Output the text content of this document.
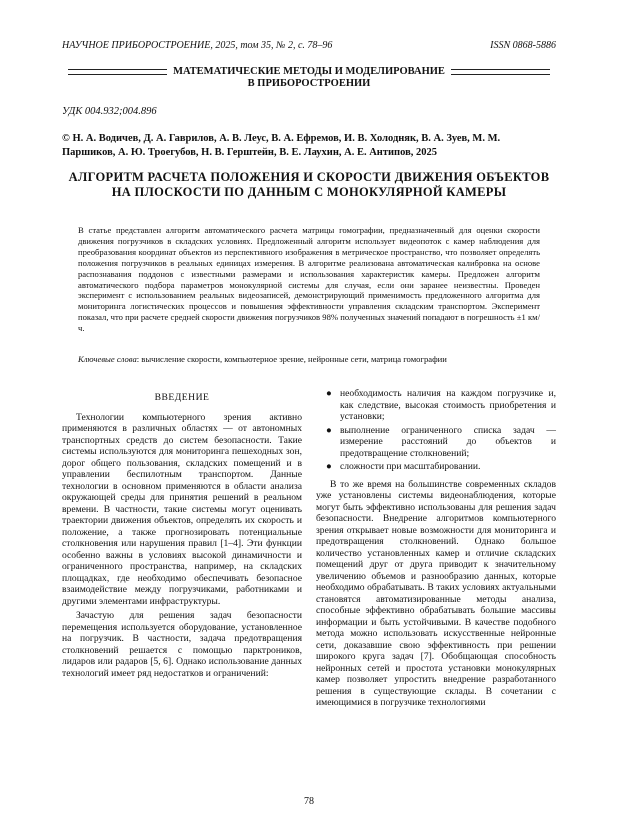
НАУЧНОЕ ПРИБОРОСТРОЕНИЕ, 2025, том 35, № 2, с. 78–96	ISSN 0868-5886
МАТЕМАТИЧЕСКИЕ МЕТОДЫ И МОДЕЛИРОВАНИЕ
В ПРИБОРОСТРОЕНИИ
УДК 004.932;004.896
© Н. А. Водичев, Д. А. Гаврилов, А. В. Леус, В. А. Ефремов, И. В. Холодняк, В. А. Зуев, М. М. Паршиков, А. Ю. Троегубов, Н. В. Герштейн, В. Е. Лаухин, А. Е. Антипов, 2025
АЛГОРИТМ РАСЧЕТА ПОЛОЖЕНИЯ И СКОРОСТИ ДВИЖЕНИЯ ОБЪЕКТОВ НА ПЛОСКОСТИ ПО ДАННЫМ С МОНОКУЛЯРНОЙ КАМЕРЫ
В статье представлен алгоритм автоматического расчета матрицы гомографии, предназначенный для оценки скорости движения погрузчиков в складских условиях. Предложенный алгоритм использует видеопоток с камер наблюдения для преобразования координат объектов из перспективного изображения в метрическое пространство, что позволяет определять положения погрузчиков в реальных единицах измерения. В алгоритме реализована автоматическая калибровка на основе распознавания поддонов с известными размерами и использования характеристик камеры. Предложен алгоритм автоматического подбора параметров монокулярной системы для случая, если они заранее неизвестны. Проведен эксперимент с использованием реальных видеозаписей, демонстрирующий применимость предложенного алгоритма для мониторинга логистических процессов и повышения эффективности управления складским транспортом. Эксперимент показал, что при расчете средней скорости движения погрузчиков 98% полученных значений попадают в погрешность ±1 км/ч.
Ключевые слова: вычисление скорости, компьютерное зрение, нейронные сети, матрица гомографии
ВВЕДЕНИЕ

Технологии компьютерного зрения активно применяются в различных областях — от автономных транспортных средств до систем безопасности. Такие системы используются для мониторинга пешеходных зон, дорог общего пользования, складских помещений и в управлении беспилотным транспортом. Данные технологии в основном применяются в области анализа окружающей среды для принятия решений в реальном времени. В частности, такие системы могут оценивать траектории движения объектов, определять их скорость и положение, а также прогнозировать потенциальные столкновения или нарушения правил [1–4]. Эти функции особенно важны в условиях высокой динамичности и ограниченного пространства, например, на складских площадках, где необходимо обеспечивать безопасное взаимодействие между погрузчиками, работниками и другими элементами инфраструктуры.

Зачастую для решения задач безопасности перемещения используется оборудование, установленное на погрузчик. В частности, задача предотвращения столкновений решается с помощью парктроников, лидаров или радаров [5, 6]. Однако использование данных технологий имеет ряд недостатков и ограничений:

● необходимость наличия на каждом погрузчике и, как следствие, высокая стоимость приобретения и установки;
● выполнение ограниченного списка задач — измерение расстояний до объектов и предотвращение столкновений;
● сложности при масштабировании.

В то же время на большинстве современных складов уже установлены системы видеонаблюдения, которые могут быть эффективно использованы для решения задач безопасности. Внедрение алгоритмов компьютерного зрения открывает новые возможности для мониторинга и предотвращения столкновений. Однако большое количество установленных камер и отличие складских помещений друг от друга приводит к значительному увеличению объемов и разнообразию данных, которые необходимо обрабатывать. В таких условиях актуальными становятся автоматизированные методы анализа, способные эффективно обрабатывать большие массивы информации и быть устойчивыми. В качестве подобного метода можно использовать искусственные нейронные сети, доказавшие свою эффективность при решении широкого круга задач [7]. Обобщающая способность нейронных сетей и простота установки монокулярных камер позволяет упростить внедрение разработанного решения в существующие склады. В сочетании с имеющимися в погрузчике технологиями

78
